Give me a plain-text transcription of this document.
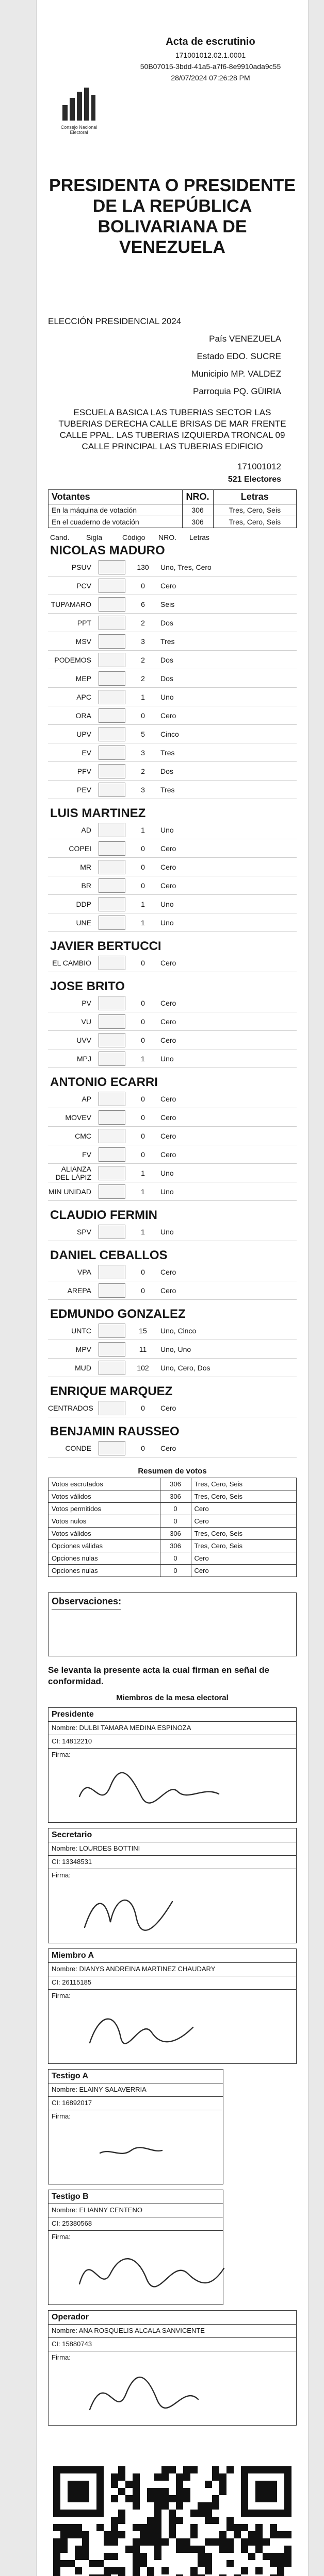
Consejo Nacional Electoral
Acta de escrutinio
171001012.02.1.0001
50B07015-3bdd-41a5-a7f6-8e9910ada9c55
28/07/2024 07:26:28 PM
PRESIDENTA O PRESIDENTE DE LA REPÚBLICA BOLIVARIANA DE VENEZUELA
ELECCIÓN PRESIDENCIAL 2024
País VENEZUELA
Estado EDO. SUCRE
Municipio MP. VALDEZ
Parroquia PQ. GÜIRIA
ESCUELA BASICA LAS TUBERIAS SECTOR LAS TUBERIAS DERECHA CALLE BRISAS DE MAR FRENTE CALLE PPAL. LAS TUBERIAS IZQUIERDA TRONCAL 09 CALLE PRINCIPAL LAS TUBERIAS EDIFICIO
171001012
521 Electores
Votantes	NRO.	Letras
En la máquina de votación	306	Tres, Cero, Seis
En el cuaderno de votación	306	Tres, Cero, Seis
Cand.	Sigla	Código	NRO.	Letras
NICOLAS MADURO
PSUV	130	Uno, Tres, Cero
PCV	0	Cero
TUPAMARO	6	Seis
PPT	2	Dos
MSV	3	Tres
PODEMOS	2	Dos
MEP	2	Dos
APC	1	Uno
ORA	0	Cero
UPV	5	Cinco
EV	3	Tres
PFV	2	Dos
PEV	3	Tres
LUIS MARTINEZ
AD	1	Uno
COPEI	0	Cero
MR	0	Cero
BR	0	Cero
DDP	1	Uno
UNE	1	Uno
JAVIER BERTUCCI
EL CAMBIO	0	Cero
JOSE BRITO
PV	0	Cero
VU	0	Cero
UVV	0	Cero
MPJ	1	Uno
ANTONIO ECARRI
AP	0	Cero
MOVEV	0	Cero
CMC	0	Cero
FV	0	Cero
ALIANZA DEL LÁPIZ	1	Uno
MIN UNIDAD	1	Uno
CLAUDIO FERMIN
SPV	1	Uno
DANIEL CEBALLOS
VPA	0	Cero
AREPA	0	Cero
EDMUNDO GONZALEZ
UNTC	15	Uno, Cinco
MPV	11	Uno, Uno
MUD	102	Uno, Cero, Dos
ENRIQUE MARQUEZ
CENTRADOS	0	Cero
BENJAMIN RAUSSEO
CONDE	0	Cero
Resumen de votos
Votos escrutados	306	Tres, Cero, Seis
Votos válidos	306	Tres, Cero, Seis
Votos permitidos	0	Cero
Votos nulos	0	Cero
Votos válidos	306	Tres, Cero, Seis
Opciones válidas	306	Tres, Cero, Seis
Opciones nulas	0	Cero
Opciones nulas	0	Cero
Observaciones:
Se levanta la presente acta la cual firman en señal de conformidad.
Miembros de la mesa electoral
Presidente
Nombre: DULBI TAMARA MEDINA ESPINOZA
CI: 14812210
Firma:
Secretario
Nombre: LOURDES BOTTINI
CI: 13348531
Firma:
Miembro A
Nombre: DIANYS ANDREINA MARTINEZ CHAUDARY
CI: 26115185
Firma:
Testigo A
Nombre: ELAINY SALAVERRIA
CI: 16892017
Firma:
Testigo B
Nombre: ELIANNY CENTENO
CI: 25380568
Firma:
Operador
Nombre: ANA ROSQUELIS ALCALA SANVICENTE
CI: 15880743
Firma:
